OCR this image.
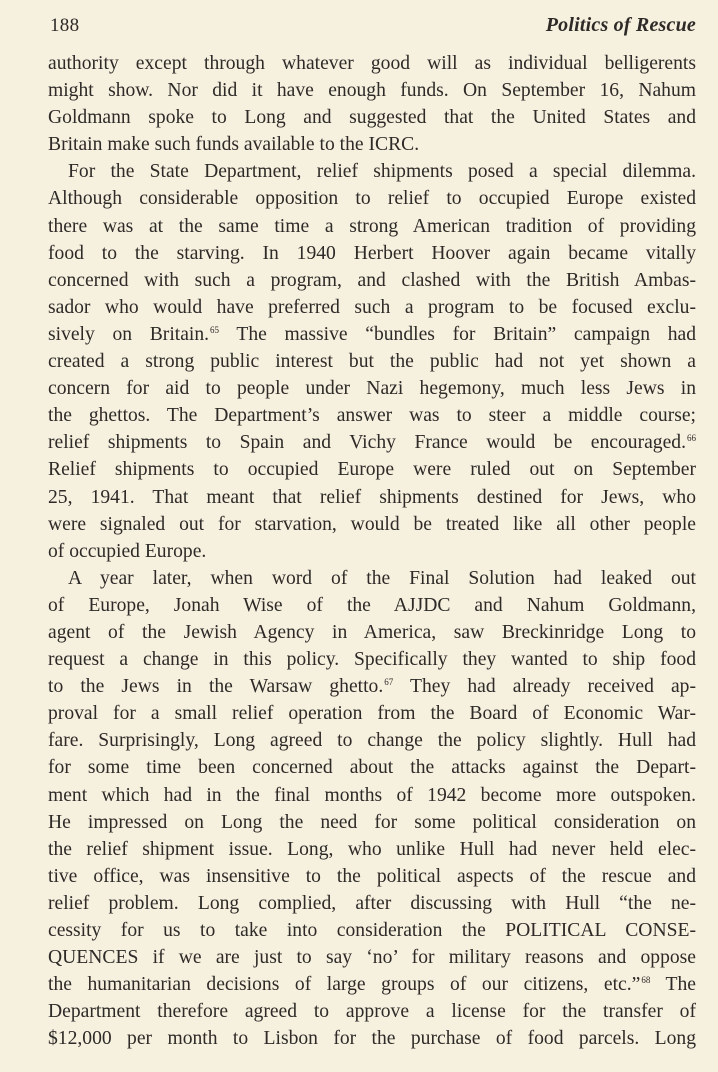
188	Politics of Rescue
authority except through whatever good will as individual belligerents
might show. Nor did it have enough funds. On September 16, Nahum
Goldmann spoke to Long and suggested that the United States and
Britain make such funds available to the ICRC.
For the State Department, relief shipments posed a special dilemma.
Although considerable opposition to relief to occupied Europe existed
there was at the same time a strong American tradition of providing
food to the starving. In 1940 Herbert Hoover again became vitally
concerned with such a program, and clashed with the British Ambas-
sador who would have preferred such a program to be focused exclu-
sively on Britain.$^{65}$ The massive “bundles for Britain” campaign had
created a strong public interest but the public had not yet shown a
concern for aid to people under Nazi hegemony, much less Jews in
the ghettos. The Department’s answer was to steer a middle course;
relief shipments to Spain and Vichy France would be encouraged.$^{66}$
Relief shipments to occupied Europe were ruled out on September
25, 1941. That meant that relief shipments destined for Jews, who
were signaled out for starvation, would be treated like all other people
of occupied Europe.
A year later, when word of the Final Solution had leaked out
of Europe, Jonah Wise of the AJJDC and Nahum Goldmann,
agent of the Jewish Agency in America, saw Breckinridge Long to
request a change in this policy. Specifically they wanted to ship food
to the Jews in the Warsaw ghetto.$^{67}$ They had already received ap-
proval for a small relief operation from the Board of Economic War-
fare. Surprisingly, Long agreed to change the policy slightly. Hull had
for some time been concerned about the attacks against the Depart-
ment which had in the final months of 1942 become more outspoken.
He impressed on Long the need for some political consideration on
the relief shipment issue. Long, who unlike Hull had never held elec-
tive office, was insensitive to the political aspects of the rescue and
relief problem. Long complied, after discussing with Hull “the ne-
cessity for us to take into consideration the POLITICAL CONSE-
QUENCES if we are just to say ‘no’ for military reasons and oppose
the humanitarian decisions of large groups of our citizens, etc.”$^{68}$ The
Department therefore agreed to approve a license for the transfer of
$12,000 per month to Lisbon for the purchase of food parcels. Long
